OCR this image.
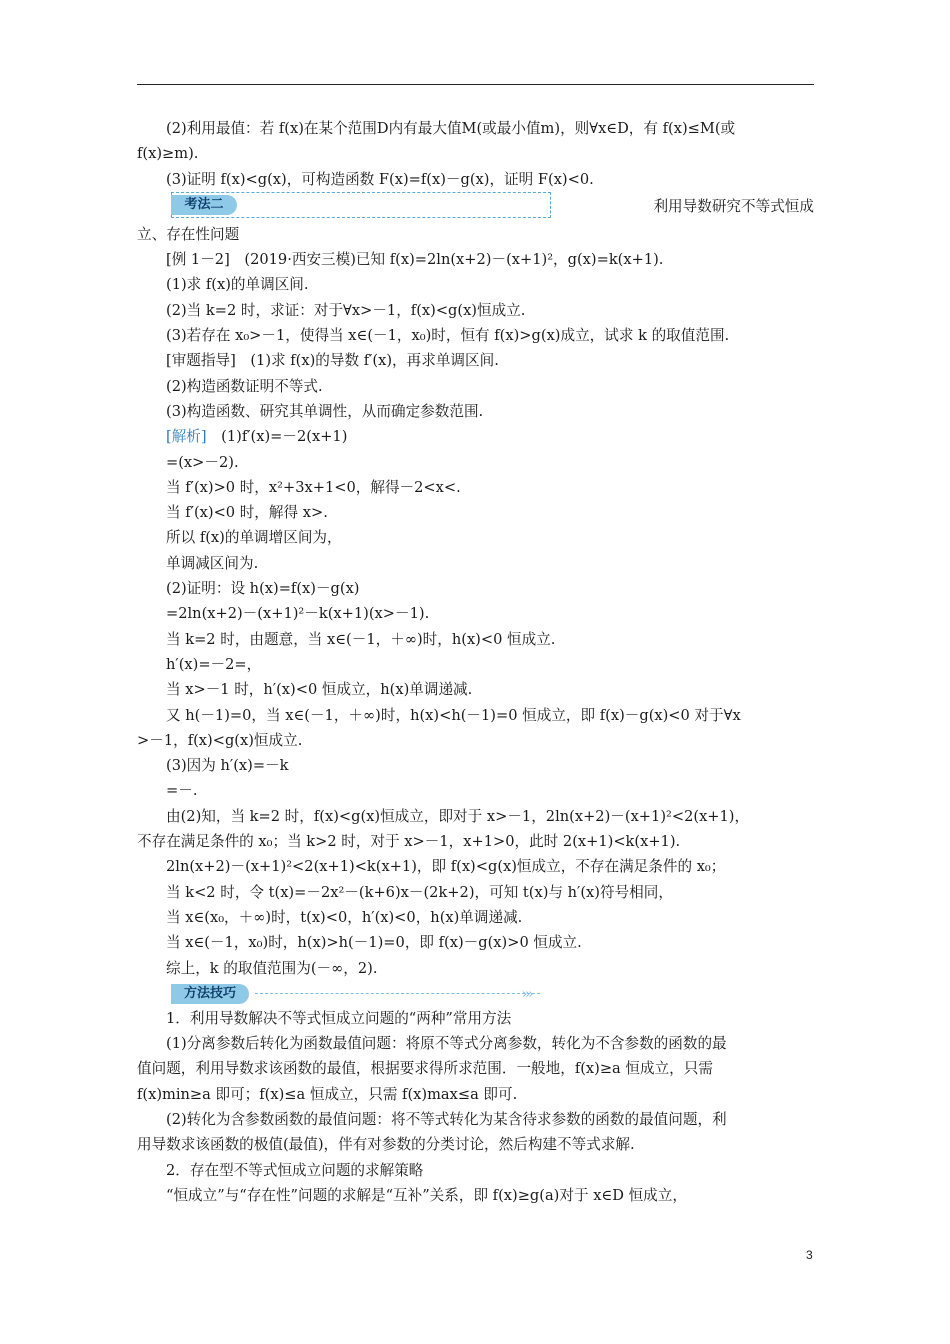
(2)利用最值：若 f(x)在某个范围D内有最大值M(或最小值m)，则∀x∈D，有 f(x)≤M(或

f(x)≥m).

(3)证明 f(x)<g(x)，可构造函数 F(x)=f(x)－g(x)，证明 F(x)<0.

考法二	利用导数研究不等式恒成

立、存在性问题

[例 1－2]　(2019·西安三模)已知 f(x)=2ln(x+2)－(x+1)²，g(x)=k(x+1).

(1)求 f(x)的单调区间.

(2)当 k=2 时，求证：对于∀x>－1，f(x)<g(x)恒成立.

(3)若存在 x₀>－1，使得当 x∈(－1，x₀)时，恒有 f(x)>g(x)成立，试求 k 的取值范围.

[审题指导]　(1)求 f(x)的导数 f′(x)，再求单调区间.

(2)构造函数证明不等式.

(3)构造函数、研究其单调性，从而确定参数范围.

[解析]　(1)f′(x)=－2(x+1)

=(x>－2).

当 f′(x)>0 时，x²+3x+1<0，解得－2<x<.

当 f′(x)<0 时，解得 x>.

所以 f(x)的单调增区间为，

单调减区间为.

(2)证明：设 h(x)=f(x)－g(x)

=2ln(x+2)－(x+1)²－k(x+1)(x>－1).

当 k=2 时，由题意，当 x∈(－1，＋∞)时，h(x)<0 恒成立.

h′(x)=－2=，

当 x>－1 时，h′(x)<0 恒成立，h(x)单调递减.

又 h(－1)=0，当 x∈(－1，＋∞)时，h(x)<h(－1)=0 恒成立，即 f(x)－g(x)<0 对于∀x

>－1，f(x)<g(x)恒成立.

(3)因为 h′(x)=－k

=－.

由(2)知，当 k=2 时，f(x)<g(x)恒成立，即对于 x>－1，2ln(x+2)－(x+1)²<2(x+1)，

不存在满足条件的 x₀；当 k>2 时，对于 x>－1，x+1>0，此时 2(x+1)<k(x+1).

2ln(x+2)－(x+1)²<2(x+1)<k(x+1)，即 f(x)<g(x)恒成立，不存在满足条件的 x₀；

当 k<2 时，令 t(x)=－2x²－(k+6)x－(2k+2)，可知 t(x)与 h′(x)符号相同，

当 x∈(x₀，＋∞)时，t(x)<0，h′(x)<0，h(x)单调递减.

当 x∈(－1，x₀)时，h(x)>h(－1)=0，即 f(x)－g(x)>0 恒成立.

综上，k 的取值范围为(－∞，2).

方法技巧	›››

1．利用导数解决不等式恒成立问题的“两种”常用方法

(1)分离参数后转化为函数最值问题：将原不等式分离参数，转化为不含参数的函数的最

值问题，利用导数求该函数的最值，根据要求得所求范围．一般地，f(x)≥a 恒成立，只需

f(x)min≥a 即可；f(x)≤a 恒成立，只需 f(x)max≤a 即可.

(2)转化为含参数函数的最值问题：将不等式转化为某含待求参数的函数的最值问题，利

用导数求该函数的极值(最值)，伴有对参数的分类讨论，然后构建不等式求解.

2．存在型不等式恒成立问题的求解策略

“恒成立”与“存在性”问题的求解是“互补”关系，即 f(x)≥g(a)对于 x∈D 恒成立，

3
